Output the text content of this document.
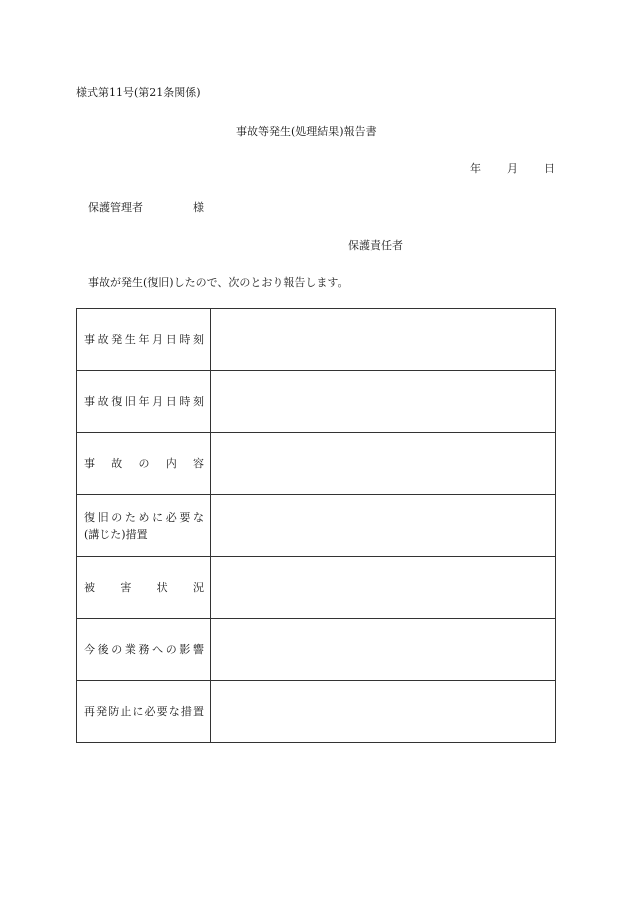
様式第11号(第21条関係)
事故等発生(処理結果)報告書
年 月 日
保護管理者	様
保護責任者
事故が発生(復旧)したので、次のとおり報告します。
事故発生年月日時刻	

事故復旧年月日時刻	

事故の内容	

復旧のために必要な
(講じた)措置	

被害状況	

今後の業務への影響	

再発防止に必要な措置	
